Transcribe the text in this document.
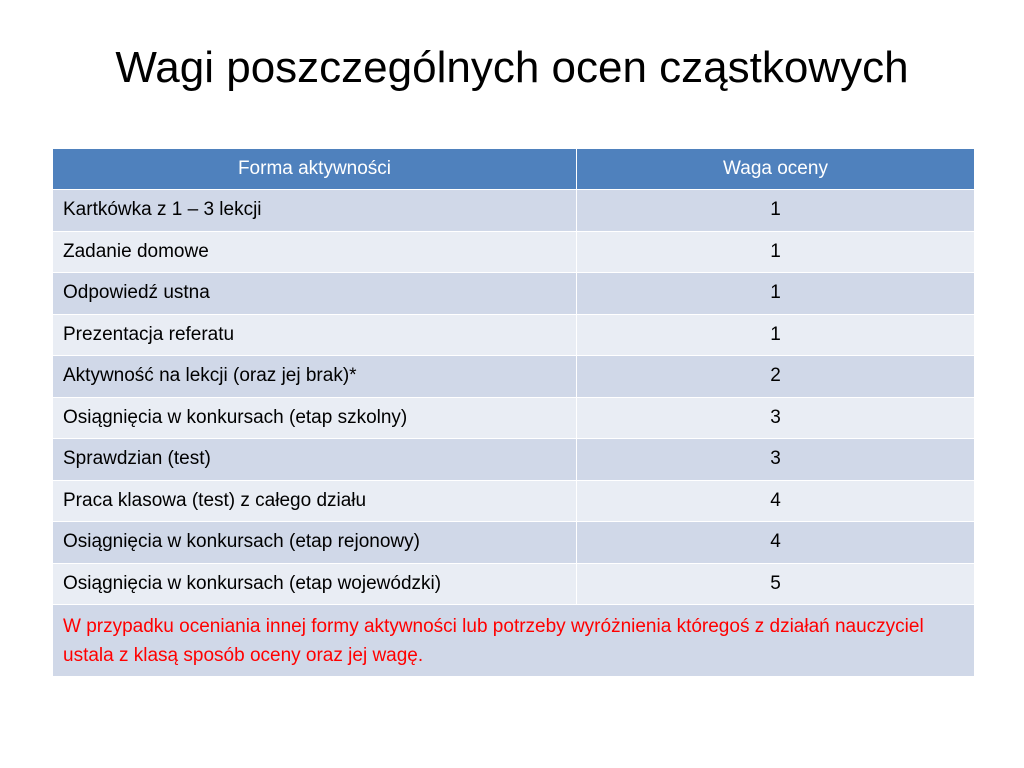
Wagi poszczególnych ocen cząstkowych
Forma aktywności	Waga oceny
Kartkówka z 1 – 3 lekcji	1
Zadanie domowe	1
Odpowiedź ustna	1
Prezentacja referatu	1
Aktywność na lekcji (oraz jej brak)*	2
Osiągnięcia w konkursach (etap szkolny)	3
Sprawdzian (test)	3
Praca klasowa (test) z całego działu	4
Osiągnięcia w konkursach (etap rejonowy)	4
Osiągnięcia w konkursach (etap wojewódzki)	5
W przypadku oceniania innej formy aktywności lub potrzeby wyróżnienia któregoś z działań nauczyciel ustala z klasą sposób oceny oraz jej wagę.	
